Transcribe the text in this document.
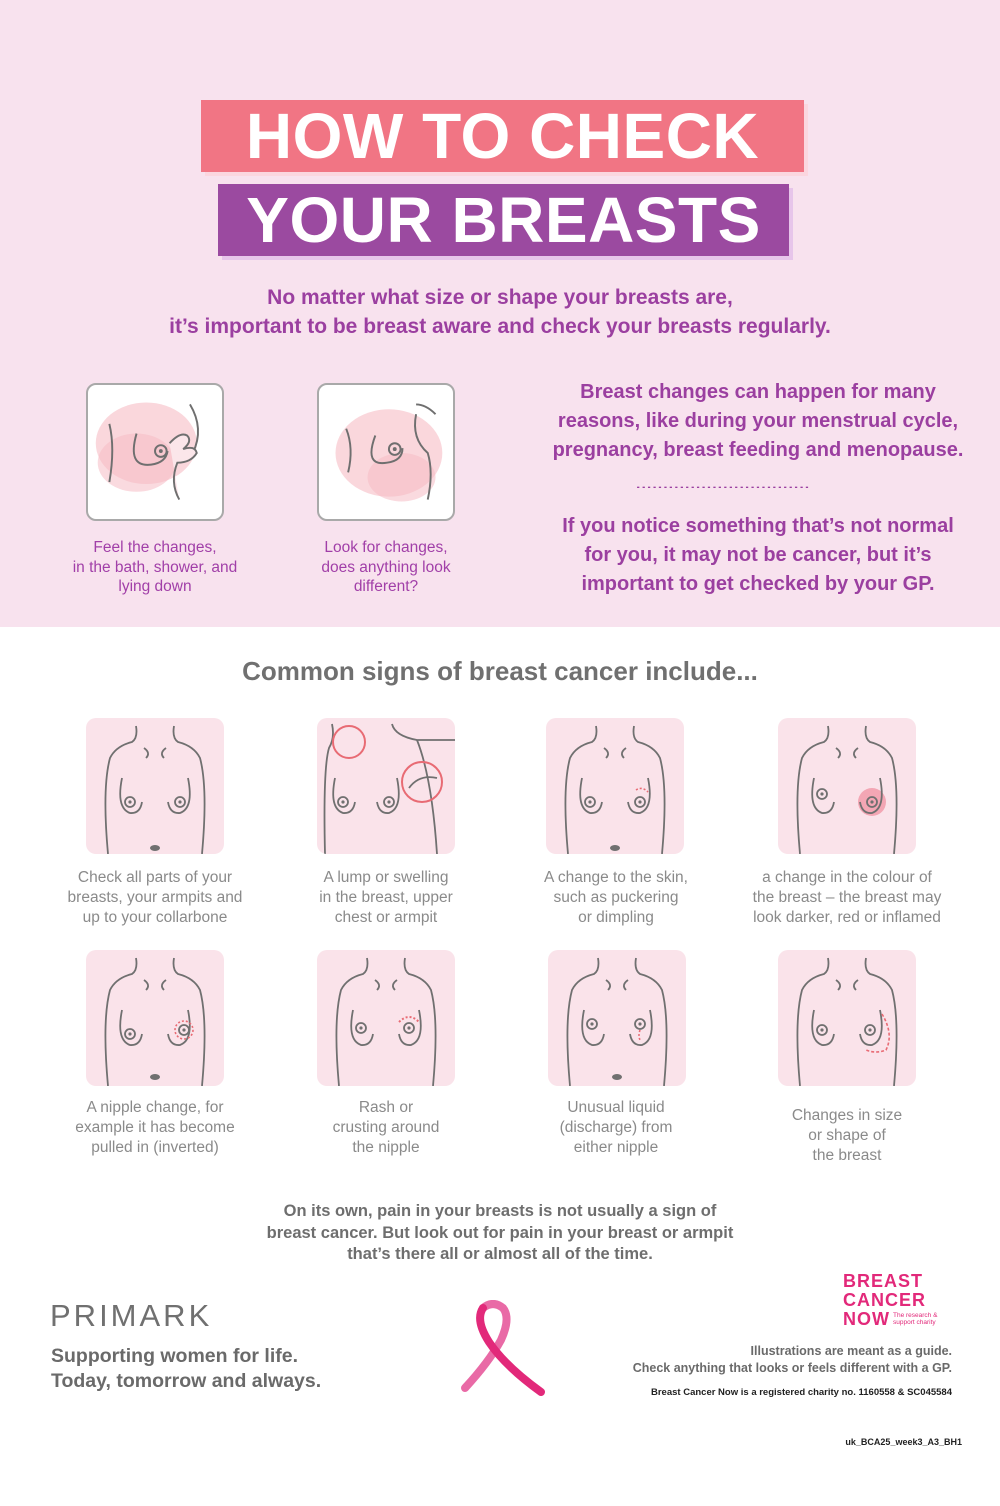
HOW TO CHECK
YOUR BREASTS
No matter what size or shape your breasts are,
it’s important to be breast aware and check your breasts regularly.
Feel the changes,
in the bath, shower, and
lying down
Look for changes,
does anything look
different?
Breast changes can happen for many
reasons, like during your menstrual cycle,
pregnancy, breast feeding and menopause.
................................
If you notice something that’s not normal
for you, it may not be cancer, but it’s
important to get checked by your GP.
Common signs of breast cancer include...
Check all parts of your
breasts, your armpits and
up to your collarbone
A lump or swelling
in the breast, upper
chest or armpit
A change to the skin,
such as puckering
or dimpling
a change in the colour of
the breast – the breast may
look darker, red or inflamed
A nipple change, for
example it has become
pulled in (inverted)
Rash or
crusting around
the nipple
Unusual liquid
(discharge) from
either nipple
Changes in size
or shape of
the breast
On its own, pain in your breasts is not usually a sign of
breast cancer. But look out for pain in your breast or armpit
that’s there all or almost all of the time.
PRIMARK
Supporting women for life.
Today, tomorrow and always.
BREAST
CANCER
NOW The research & support charity
Illustrations are meant as a guide.
Check anything that looks or feels different with a GP.
Breast Cancer Now is a registered charity no. 1160558 & SC045584
uk_BCA25_week3_A3_BH1
